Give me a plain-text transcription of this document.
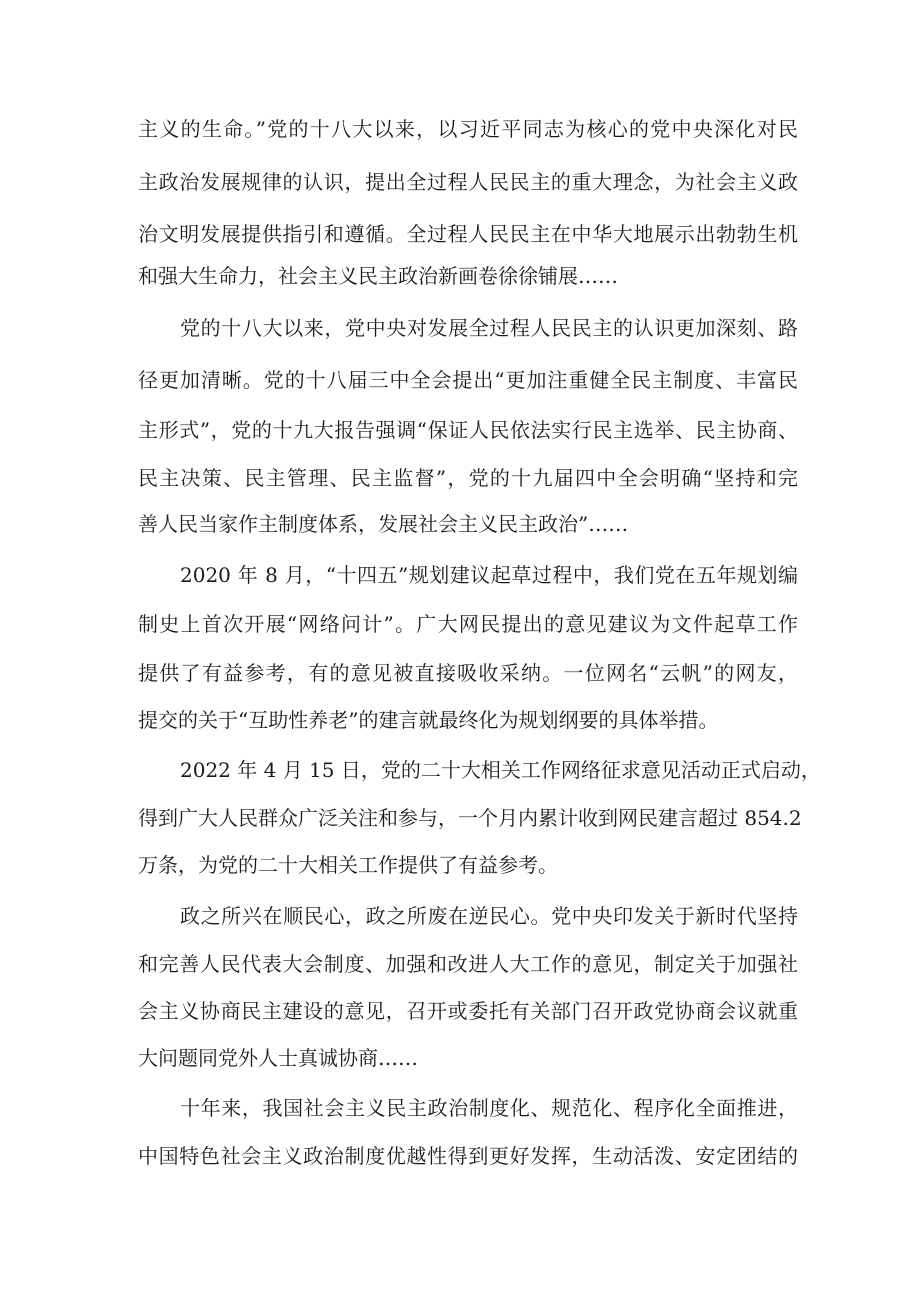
主义的生命。”党的十八大以来，以习近平同志为核心的党中央深化对民
主政治发展规律的认识，提出全过程人民民主的重大理念，为社会主义政
治文明发展提供指引和遵循。全过程人民民主在中华大地展示出勃勃生机
和强大生命力，社会主义民主政治新画卷徐徐铺展……
党的十八大以来，党中央对发展全过程人民民主的认识更加深刻、路
径更加清晰。党的十八届三中全会提出“更加注重健全民主制度、丰富民
主形式”，党的十九大报告强调“保证人民依法实行民主选举、民主协商、
民主决策、民主管理、民主监督”，党的十九届四中全会明确“坚持和完
善人民当家作主制度体系，发展社会主义民主政治”……
2020 年 8 月，“十四五”规划建议起草过程中，我们党在五年规划编
制史上首次开展“网络问计”。广大网民提出的意见建议为文件起草工作
提供了有益参考，有的意见被直接吸收采纳。一位网名“云帆”的网友，
提交的关于“互助性养老”的建言就最终化为规划纲要的具体举措。
2022 年 4 月 15 日，党的二十大相关工作网络征求意见活动正式启动，
得到广大人民群众广泛关注和参与，一个月内累计收到网民建言超过 854.2
万条，为党的二十大相关工作提供了有益参考。
政之所兴在顺民心，政之所废在逆民心。党中央印发关于新时代坚持
和完善人民代表大会制度、加强和改进人大工作的意见，制定关于加强社
会主义协商民主建设的意见，召开或委托有关部门召开政党协商会议就重
大问题同党外人士真诚协商……
十年来，我国社会主义民主政治制度化、规范化、程序化全面推进，
中国特色社会主义政治制度优越性得到更好发挥，生动活泼、安定团结的
